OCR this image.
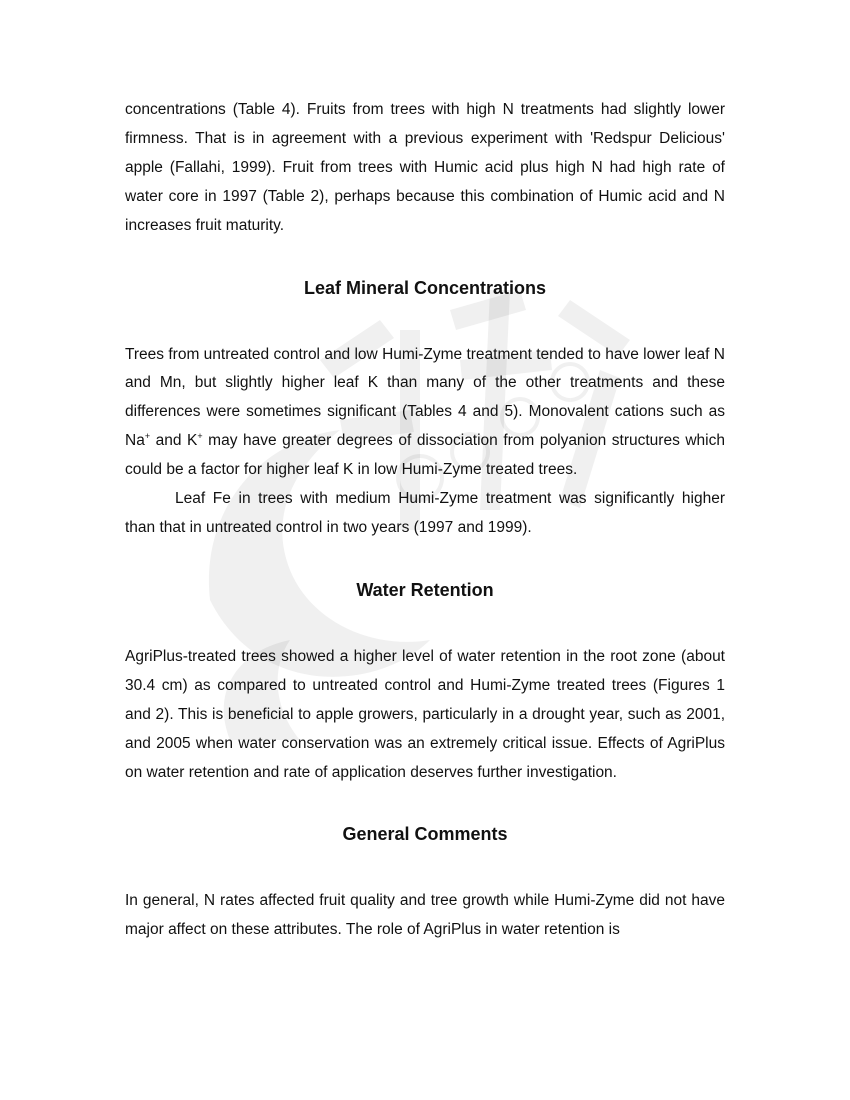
concentrations (Table 4). Fruits from trees with high N treatments had slightly lower firmness. That is in agreement with a previous experiment with 'Redspur Delicious' apple (Fallahi, 1999). Fruit from trees with Humic acid plus high N had high rate of water core in 1997 (Table 2), perhaps because this combination of Humic acid and N increases fruit maturity.

Leaf Mineral Concentrations

Trees from untreated control and low Humi-Zyme treatment tended to have lower leaf N and Mn, but slightly higher leaf K than many of the other treatments and these differences were sometimes significant (Tables 4 and 5). Monovalent cations such as Na+ and K+ may have greater degrees of dissociation from polyanion structures which could be a factor for higher leaf K in low Humi-Zyme treated trees.

Leaf Fe in trees with medium Humi-Zyme treatment was significantly higher than that in untreated control in two years (1997 and 1999).

Water Retention

AgriPlus-treated trees showed a higher level of water retention in the root zone (about 30.4 cm) as compared to untreated control and Humi-Zyme treated trees (Figures 1 and 2). This is beneficial to apple growers, particularly in a drought year, such as 2001, and 2005 when water conservation was an extremely critical issue. Effects of AgriPlus on water retention and rate of application deserves further investigation.

General Comments

In general, N rates affected fruit quality and tree growth while Humi-Zyme did not have major affect on these attributes. The role of AgriPlus in water retention is
